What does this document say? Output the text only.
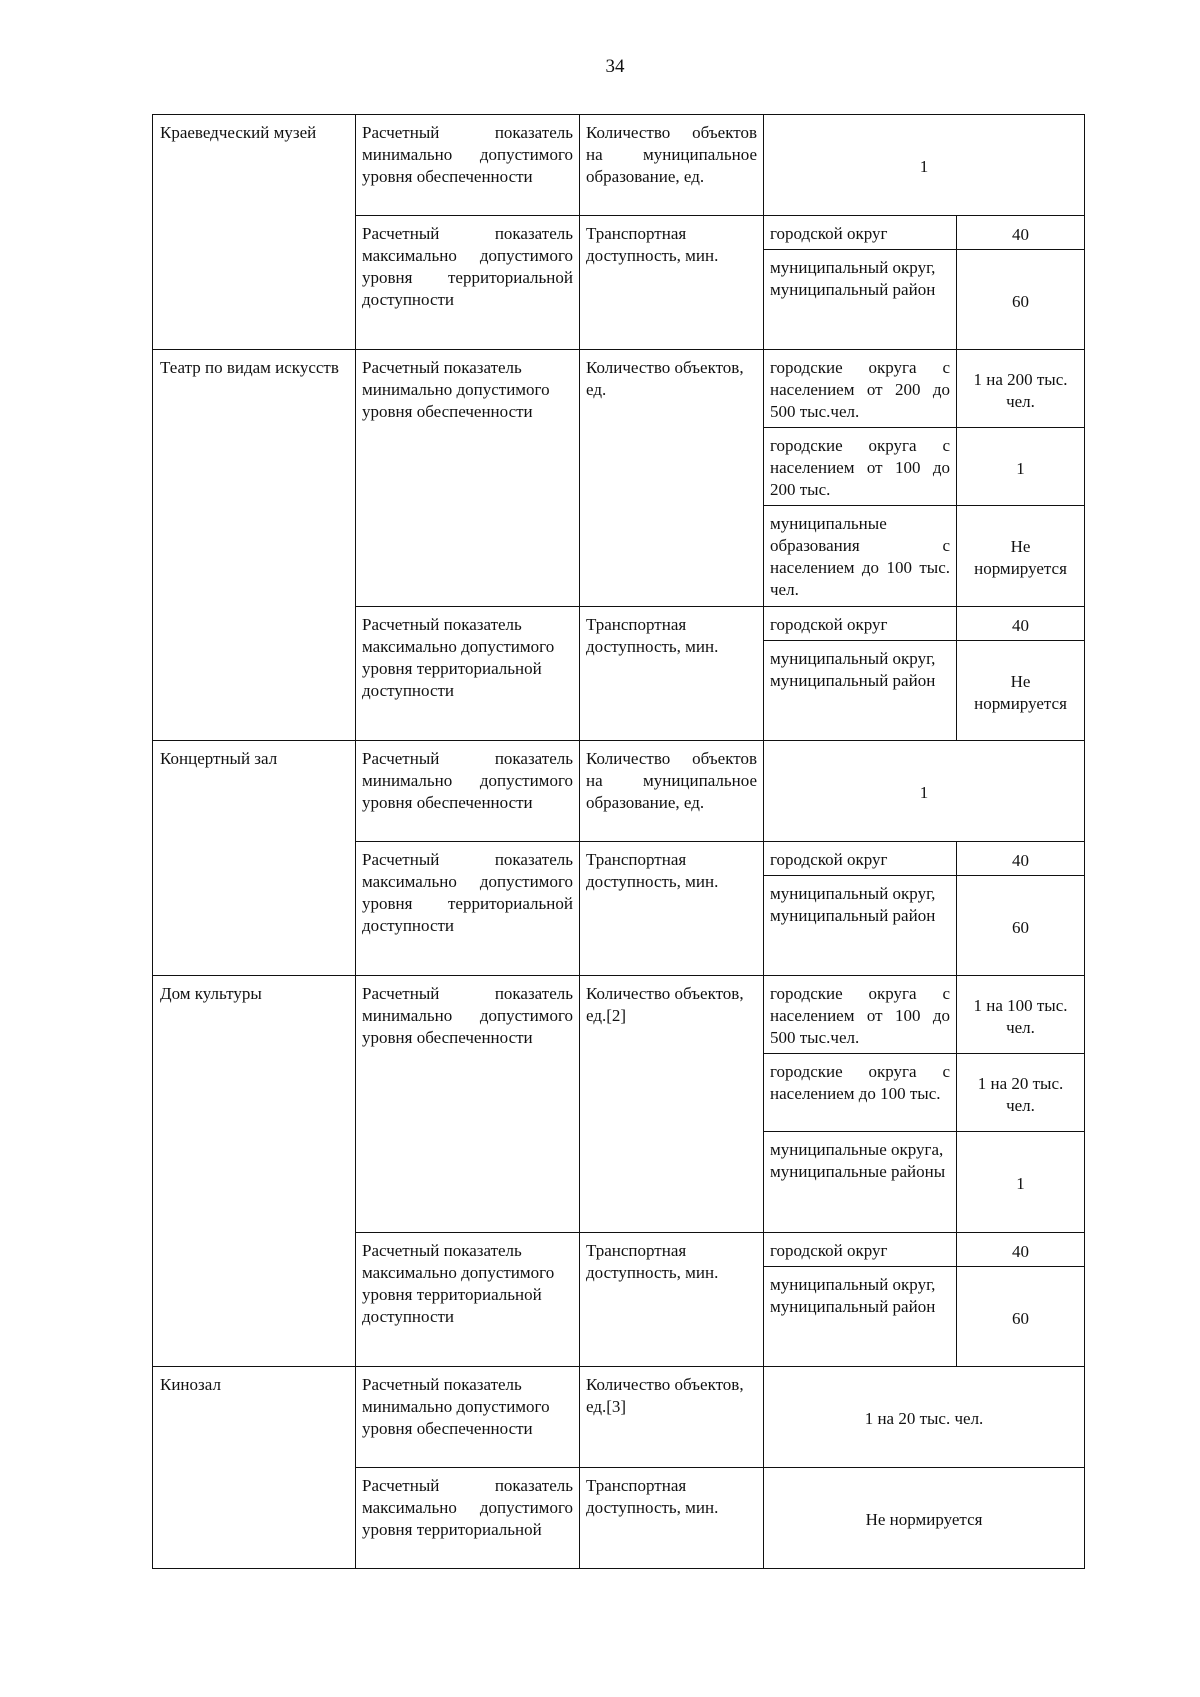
34
Краеведческий музей	Расчетный показатель минимально допустимого уровня обеспеченности	Количество объектов на муниципальное образование, ед.	1	
	Расчетный показатель максимально допустимого уровня территориальной доступности	Транспортная доступность, мин.	городской округ	40
			муниципальный округ, муниципальный район	60
Театр по видам искусств	Расчетный показатель минимально допустимого уровня обеспеченности	Количество объектов, ед.	городские округа с населением от 200 до 500 тыс.чел.	1 на 200 тыс. чел.
			городские округа с населением от 100 до 200 тыс.	1
			муниципальные образования с населением до 100 тыс. чел.	Не нормируется
	Расчетный показатель максимально допустимого уровня территориальной доступности	Транспортная доступность, мин.	городской округ	40
			муниципальный округ, муниципальный район	Не нормируется
Концертный зал	Расчетный показатель минимально допустимого уровня обеспеченности	Количество объектов на муниципальное образование, ед.	1	
	Расчетный показатель максимально допустимого уровня территориальной доступности	Транспортная доступность, мин.	городской округ	40
			муниципальный округ, муниципальный район	60
Дом культуры	Расчетный показатель минимально допустимого уровня обеспеченности	Количество объектов, ед.[2]	городские округа с населением от 100 до 500 тыс.чел.	1 на 100 тыс. чел.
			городские округа с населением до 100 тыс.	1 на 20 тыс. чел.
			муниципальные округа, муниципальные районы	1
	Расчетный показатель максимально допустимого уровня территориальной доступности	Транспортная доступность, мин.	городской округ	40
			муниципальный округ, муниципальный район	60
Кинозал	Расчетный показатель минимально допустимого уровня обеспеченности	Количество объектов, ед.[3]	1 на 20 тыс. чел.	
	Расчетный показатель максимально допустимого уровня территориальной	Транспортная доступность, мин.	Не нормируется	
